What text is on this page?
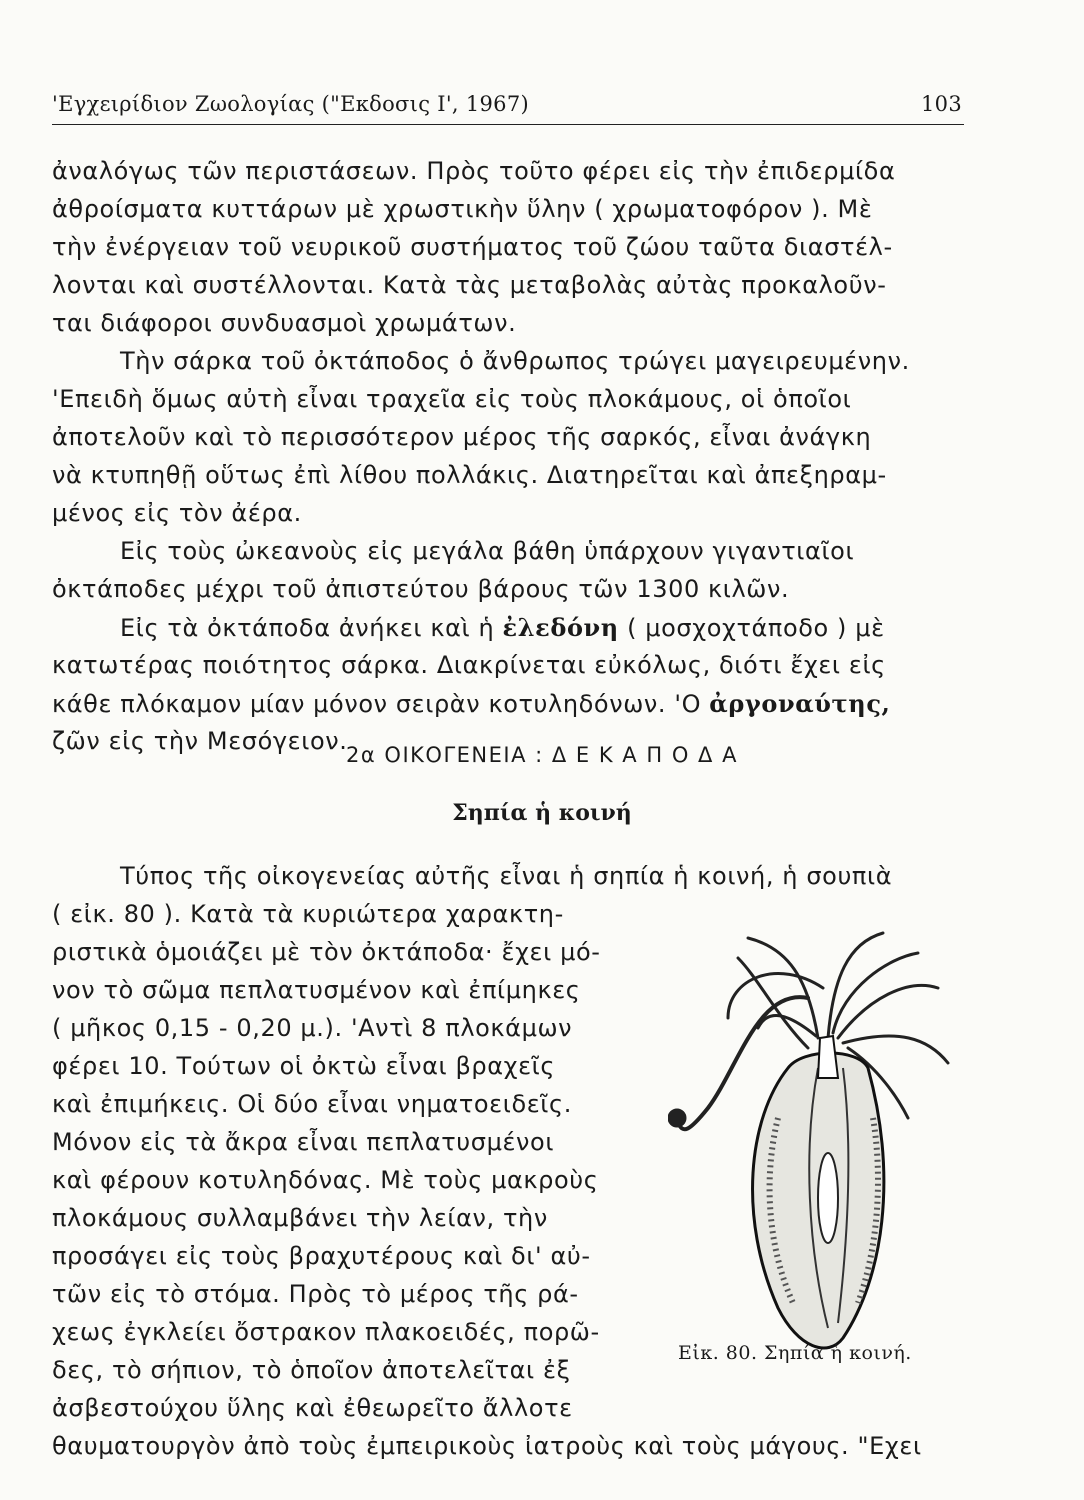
'Εγχειρίδιον Ζωολογίας ("Εκδοσις Ι', 1967)	103
ἀναλόγως τῶν περιστάσεων. Πρὸς τοῦτο φέρει εἰς τὴν ἐπιδερμίδα
ἀθροίσματα κυττάρων μὲ χρωστικὴν ὕλην ( χρωματοφόρον ). Μὲ
τὴν ἐνέργειαν τοῦ νευρικοῦ συστήματος τοῦ ζώου ταῦτα διαστέλ-
λονται καὶ συστέλλονται. Κατὰ τὰς μεταβολὰς αὐτὰς προκαλοῦν-
ται διάφοροι συνδυασμοὶ χρωμάτων.
Τὴν σάρκα τοῦ ὀκτάποδος ὁ ἄνθρωπος τρώγει μαγειρευμένην.
'Επειδὴ ὅμως αὐτὴ εἶναι τραχεῖα εἰς τοὺς πλοκάμους, οἱ ὁποῖοι
ἀποτελοῦν καὶ τὸ περισσότερον μέρος τῆς σαρκός, εἶναι ἀνάγκη
νὰ κτυπηθῇ οὕτως ἐπὶ λίθου πολλάκις. Διατηρεῖται καὶ ἀπεξηραμ-
μένος εἰς τὸν ἀέρα.
Εἰς τοὺς ὠκεανοὺς εἰς μεγάλα βάθη ὑπάρχουν γιγαντιαῖοι
ὀκτάποδες μέχρι τοῦ ἀπιστεύτου βάρους τῶν 1300 κιλῶν.
Εἰς τὰ ὀκτάποδα ἀνήκει καὶ ἡ ἐλεδόνη ( μοσχοχτάποδο ) μὲ
κατωτέρας ποιότητος σάρκα. Διακρίνεται εὐκόλως, διότι ἔχει εἰς
κάθε πλόκαμον μίαν μόνον σειρὰν κοτυληδόνων. 'Ο ἀργοναύτης,
ζῶν εἰς τὴν Μεσόγειον.
2α ΟΙΚΟΓΕΝΕΙΑ : Δ Ε Κ Α Π Ο Δ Α
Σηπία ἡ κοινή
Τύπος τῆς οἰκογενείας αὐτῆς εἶναι ἡ σηπία ἡ κοινή, ἡ σουπιὰ
( εἰκ. 80 ). Κατὰ τὰ κυριώτερα χαρακτη-
ριστικὰ ὁμοιάζει μὲ τὸν ὀκτάποδα· ἔχει μό-
νον τὸ σῶμα πεπλατυσμένον καὶ ἐπίμηκες
( μῆκος 0,15 - 0,20 μ.). 'Αντὶ 8 πλοκάμων
φέρει 10. Τούτων οἱ ὀκτὼ εἶναι βραχεῖς
καὶ ἐπιμήκεις. Οἱ δύο εἶναι νηματοειδεῖς.
Μόνον εἰς τὰ ἄκρα εἶναι πεπλατυσμένοι
καὶ φέρουν κοτυληδόνας. Μὲ τοὺς μακροὺς
πλοκάμους συλλαμβάνει τὴν λείαν, τὴν
προσάγει εἰς τοὺς βραχυτέρους καὶ δι' αὐ-
τῶν εἰς τὸ στόμα. Πρὸς τὸ μέρος τῆς ρά-
χεως ἐγκλείει ὄστρακον πλακοειδές, πορῶ-
δες, τὸ σήπιον, τὸ ὁποῖον ἀποτελεῖται ἐξ
ἀσβεστούχου ὕλης καὶ ἐθεωρεῖτο ἄλλοτε
θαυματουργὸν ἀπὸ τοὺς ἐμπειρικοὺς ἰατροὺς καὶ τοὺς μάγους. "Εχει
Εἰκ. 80. Σηπία ἡ κοινή.
